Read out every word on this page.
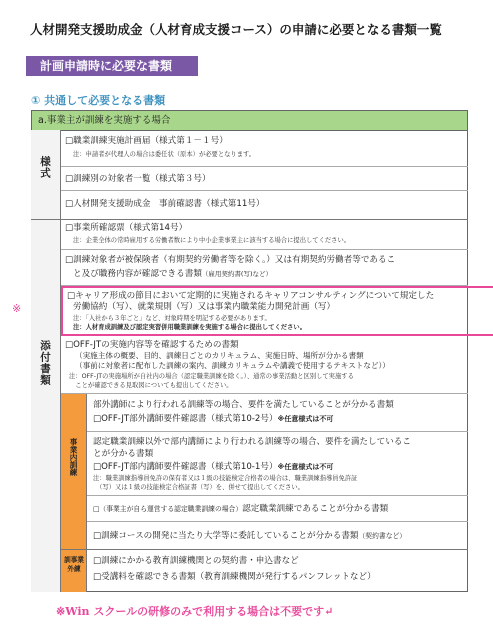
人材開発支援助成金（人材育成支援コース）の申請に必要となる書類一覧
計画申請時に必要な書類
① 共通して必要となる書類
a.事業主が訓練を実施する場合
様式
□職業訓練実施計画届（様式第１－１号）
注：申請者が代理人の場合は委任状（原本）が必要となります。
□訓練別の対象者一覧（様式第３号）
□人材開発支援助成金　事前確認書（様式第11号）
添付書類
□事業所確認票（様式第14号）
注：企業全体の常時雇用する労働者数により中小企業事業主に該当する場合に提出してください。
□訓練対象者が被保険者（有期契約労働者等を除く。）又は有期契約労働者等であるこ
と及び職務内容が確認できる書類（雇用契約書(写)など）
□キャリア形成の節目において定期的に実施されるキャリアコンサルティングについて規定した
労働協約（写）、就業規則（写）又は事業内職業能力開発計画（写）
注：「入社から３年ごと」など、対象時期を明記する必要があります。
注：人材育成訓練及び認定実習併用職業訓練を実施する場合に提出してください。
※
□OFF-JTの実施内容等を確認するための書類
（実施主体の概要、目的、訓練日ごとのカリキュラム、実施日時、場所が分かる書類
（事前に対象者に配布した訓練の案内、訓練カリキュラムや講義で使用するテキストなど））
注：OFF-JTの実施場所が自社内の場合（認定職業訓練を除く。）、通常の事業活動と区別して実施する
　ことが確認できる見取図についても提出してください。
事業内訓練
部外講師により行われる訓練等の場合、要件を満たしていることが分かる書類
□OFF-JT部外講師要件確認書（様式第10-2号）※任意様式は不可
認定職業訓練以外で部内講師により行われる訓練等の場合、要件を満たしているこ
とが分かる書類
□OFF-JT部内講師要件確認書（様式第10-1号）※任意様式は不可
注：職業訓練指導員免許の保有者又は１級の技能検定合格者の場合は、職業訓練指導員免許証
　（写）又は１級の技能検定合格証書（写）を、併せて提出してください。
□（事業主が自ら運営する認定職業訓練の場合）認定職業訓練であることが分かる書類
□訓練コースの開発に当たり大学等に委託していることが分かる書類（契約書など）
訓事業外練
□訓練にかかる教育訓練機関との契約書・申込書など
□受講料を確認できる書類（教育訓練機関が発行するパンフレットなど）
※Win スクールの研修のみで利用する場合は不要です↵
